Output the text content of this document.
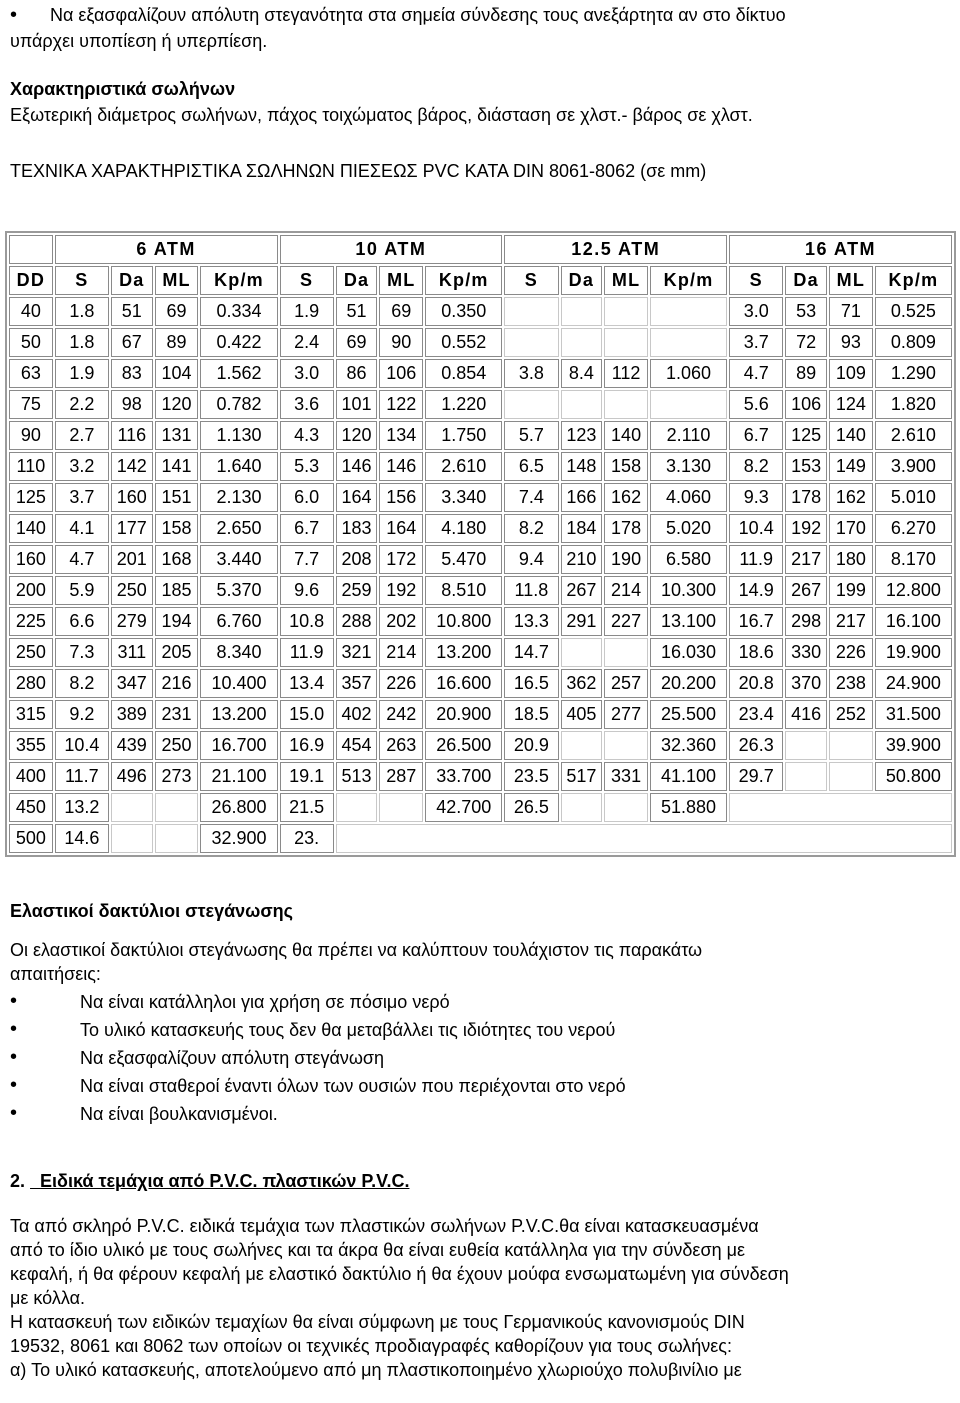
•	Να εξασφαλίζουν απόλυτη στεγανότητα στα σημεία σύνδεσης τους ανεξάρτητα αν στο δίκτυο
υπάρχει υποπίεση ή υπερπίεση.
Χαρακτηριστικά σωλήνων
Εξωτερική διάμετρος σωλήνων, πάχος τοιχώματος βάρος, διάσταση σε χλστ.- βάρος σε χλστ.
ΤΕΧΝΙΚΑ ΧΑΡΑΚΤΗΡΙΣΤΙΚΑ ΣΩΛΗΝΩΝ ΠΙΕΣΕΩΣ PVC ΚΑΤΑ DIN 8061-8062 (σε mm)
	6 ATM				10 ATM				12.5 ATM				16 ATM			
DD	S	Da	ML	Kp/m	S	Da	ML	Kp/m	S	Da	ML	Kp/m	S	Da	ML	Kp/m
40	1.8	51	69	0.334	1.9	51	69	0.350					3.0	53	71	0.525
50	1.8	67	89	0.422	2.4	69	90	0.552					3.7	72	93	0.809
63	1.9	83	104	1.562	3.0	86	106	0.854	3.8	8.4	112	1.060	4.7	89	109	1.290
75	2.2	98	120	0.782	3.6	101	122	1.220					5.6	106	124	1.820
90	2.7	116	131	1.130	4.3	120	134	1.750	5.7	123	140	2.110	6.7	125	140	2.610
110	3.2	142	141	1.640	5.3	146	146	2.610	6.5	148	158	3.130	8.2	153	149	3.900
125	3.7	160	151	2.130	6.0	164	156	3.340	7.4	166	162	4.060	9.3	178	162	5.010
140	4.1	177	158	2.650	6.7	183	164	4.180	8.2	184	178	5.020	10.4	192	170	6.270
160	4.7	201	168	3.440	7.7	208	172	5.470	9.4	210	190	6.580	11.9	217	180	8.170
200	5.9	250	185	5.370	9.6	259	192	8.510	11.8	267	214	10.300	14.9	267	199	12.800
225	6.6	279	194	6.760	10.8	288	202	10.800	13.3	291	227	13.100	16.7	298	217	16.100
250	7.3	311	205	8.340	11.9	321	214	13.200	14.7			16.030	18.6	330	226	19.900
280	8.2	347	216	10.400	13.4	357	226	16.600	16.5	362	257	20.200	20.8	370	238	24.900
315	9.2	389	231	13.200	15.0	402	242	20.900	18.5	405	277	25.500	23.4	416	252	31.500
355	10.4	439	250	16.700	16.9	454	263	26.500	20.9			32.360	26.3			39.900
400	11.7	496	273	21.100	19.1	513	287	33.700	23.5	517	331	41.100	29.7			50.800
450	13.2			26.800	21.5			42.700	26.5			51.880				
500	14.6			32.900	23.											
Ελαστικοί δακτύλιοι στεγάνωσης
Οι ελαστικοί δακτύλιοι στεγάνωσης θα πρέπει να καλύπτουν τουλάχιστον τις παρακάτω
απαιτήσεις:
•	Να είναι κατάλληλοι για χρήση σε πόσιμο νερό
•	Το υλικό κατασκευής τους δεν θα μεταβάλλει τις ιδιότητες του νερού
•	Να εξασφαλίζουν απόλυτη στεγάνωση
•	Να είναι σταθεροί έναντι όλων των ουσιών που περιέχονται στο νερό
•	Να είναι βουλκανισμένοι.
2. Ειδικά τεμάχια από P.V.C. πλαστικών P.V.C.
Τα από σκληρό P.V.C. ειδικά τεμάχια των πλαστικών σωλήνων P.V.C.θα είναι κατασκευασμένα
από το ίδιο υλικό με τους σωλήνες και τα άκρα θα είναι ευθεία κατάλληλα για την σύνδεση με
κεφαλή, ή θα φέρουν κεφαλή με ελαστικό δακτύλιο ή θα έχουν μούφα ενσωματωμένη για σύνδεση
με κόλλα.
Η κατασκευή των ειδικών τεμαχίων θα είναι σύμφωνη με τους Γερμανικούς κανονισμούς DIN
19532, 8061 και 8062 των οποίων οι τεχνικές προδιαγραφές καθορίζουν για τους σωλήνες:
α) Το υλικό κατασκευής, αποτελούμενο από μη πλαστικοποιημένο χλωριούχο πολυβινίλιο με
